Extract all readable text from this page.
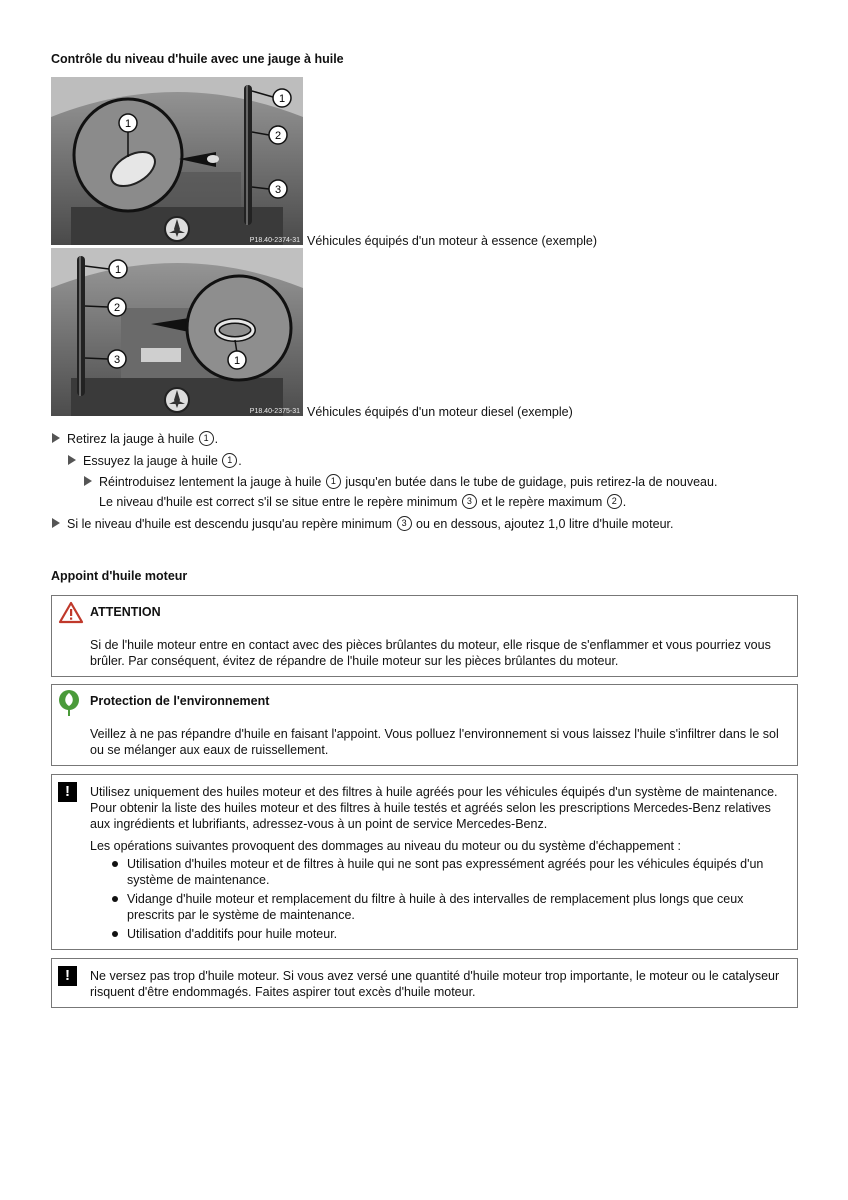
Contrôle du niveau d'huile avec une jauge à huile
1
2
3
1
P18.40-2374-31 Véhicules équipés d'un moteur à essence (exemple)
1
2
3	1
P18.40-2375-31 Véhicules équipés d'un moteur diesel (exemple)
Retirez la jauge à huile 1 .
Essuyez la jauge à huile 1 .
Réintroduisez lentement la jauge à huile 1 jusqu'en butée dans le tube de guidage, puis retirez-la de nouveau.
Le niveau d'huile est correct s'il se situe entre le repère minimum 3 et le repère maximum 2 .
Si le niveau d'huile est descendu jusqu'au repère minimum 3 ou en dessous, ajoutez 1,0 litre d'huile moteur.
Appoint d'huile moteur
ATTENTION
Si de l'huile moteur entre en contact avec des pièces brûlantes du moteur, elle risque de s'enflammer et vous pourriez vous brûler. Par conséquent, évitez de répandre de l'huile moteur sur les pièces brûlantes du moteur.
Protection de l'environnement
Veillez à ne pas répandre d'huile en faisant l'appoint. Vous polluez l'environnement si vous laissez l'huile s'infiltrer dans le sol ou se mélanger aux eaux de ruissellement.
!	Utilisez uniquement des huiles moteur et des filtres à huile agréés pour les véhicules équipés d'un système de maintenance. Pour obtenir la liste des huiles moteur et des filtres à huile testés et agréés selon les prescriptions Mercedes-Benz relatives aux ingrédients et lubrifiants, adressez-vous à un point de service Mercedes-Benz.
Les opérations suivantes provoquent des dommages au niveau du moteur ou du système d'échappement :
Utilisation d'huiles moteur et de filtres à huile qui ne sont pas expressément agréés pour les véhicules équipés d'un système de maintenance.
Vidange d'huile moteur et remplacement du filtre à huile à des intervalles de remplacement plus longs que ceux prescrits par le système de maintenance.
Utilisation d'additifs pour huile moteur.
!	Ne versez pas trop d'huile moteur. Si vous avez versé une quantité d'huile moteur trop importante, le moteur ou le catalyseur risquent d'être endommagés. Faites aspirer tout excès d'huile moteur.
